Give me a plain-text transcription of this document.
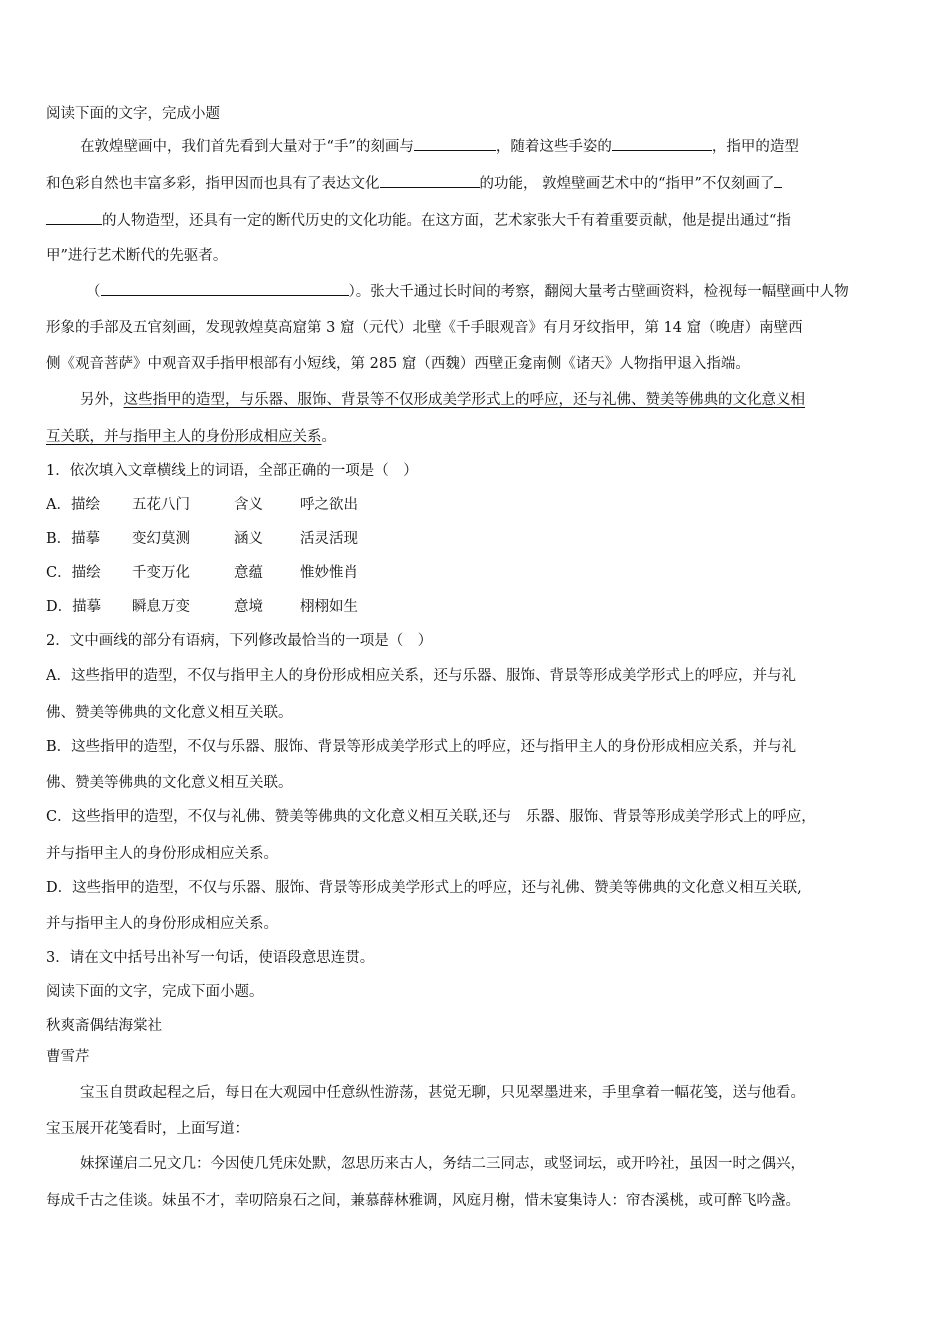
阅读下面的文字，完成小题
在敦煌壁画中，我们首先看到大量对于“手”的刻画与	，随着这些手姿的	，指甲的造型
和色彩自然也丰富多彩，指甲因而也具有了表达文化	的功能， 敦煌壁画艺术中的“指甲”不仅刻画了
的人物造型，还具有一定的断代历史的文化功能。在这方面，艺术家张大千有着重要贡献，他是提出通过“指
甲”进行艺术断代的先驱者。
（	）。张大千通过长时间的考察，翻阅大量考古壁画资料，检视每一幅壁画中人物
形象的手部及五官刻画，发现敦煌莫高窟第 3 窟（元代）北壁《千手眼观音》有月牙纹指甲，第 14 窟（晚唐）南壁西
侧《观音菩萨》中观音双手指甲根部有小短线，第 285 窟（西魏）西壁正龛南侧《诸天》人物指甲退入指端。
另外，这些指甲的造型，与乐器、服饰、背景等不仅形成美学形式上的呼应，还与礼佛、赞美等佛典的文化意义相
互关联，并与指甲主人的身份形成相应关系。
1．依次填入文章横线上的词语，全部正确的一项是（　）
A．描绘 五花八门	含义	呼之欲出
B．描摹 变幻莫测	涵义	活灵活现
C．描绘 千变万化	意蕴	惟妙惟肖
D．描摹 瞬息万变	意境	栩栩如生
2．文中画线的部分有语病，下列修改最恰当的一项是（　）
A．这些指甲的造型，不仅与指甲主人的身份形成相应关系，还与乐器、服饰、背景等形成美学形式上的呼应，并与礼
佛、赞美等佛典的文化意义相互关联。
B．这些指甲的造型，不仅与乐器、服饰、背景等形成美学形式上的呼应，还与指甲主人的身份形成相应关系，并与礼
佛、赞美等佛典的文化意义相互关联。
C．这些指甲的造型，不仅与礼佛、赞美等佛典的文化意义相互关联,还与　乐器、服饰、背景等形成美学形式上的呼应，
并与指甲主人的身份形成相应关系。
D．这些指甲的造型，不仅与乐器、服饰、背景等形成美学形式上的呼应，还与礼佛、赞美等佛典的文化意义相互关联,
并与指甲主人的身份形成相应关系。
3．请在文中括号出补写一句话，使语段意思连贯。
阅读下面的文字，完成下面小题。
秋爽斋偶结海棠社
曹雪芹
宝玉自贯政起程之后，每日在大观园中任意纵性游荡，甚觉无聊，只见翠墨进来，手里拿着一幅花笺，送与他看。
宝玉展开花笺看时，上面写道：
妹探谨启二兄文几：今因使几凭床处默，忽思历来古人，务结二三同志，或竖词坛，或开吟社，虽因一时之偶兴，
每成千古之佳谈。妹虽不才，幸叨陪泉石之间，兼慕薛林雅调，风庭月榭，惜未宴集诗人：帘杏溪桃，或可醉飞吟盏。
